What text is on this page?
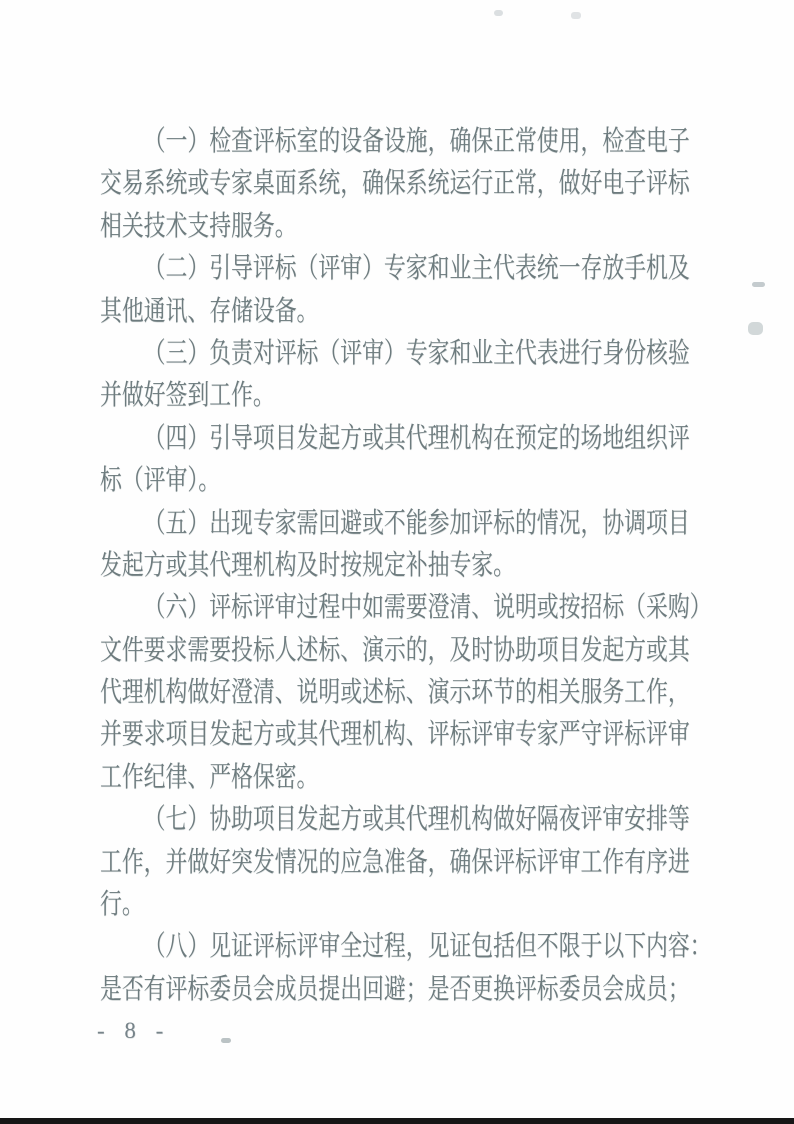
（一）检查评标室的设备设施，确保正常使用，检查电子
交易系统或专家桌面系统，确保系统运行正常，做好电子评标
相关技术支持服务。
（二）引导评标（评审）专家和业主代表统一存放手机及
其他通讯、存储设备。
（三）负责对评标（评审）专家和业主代表进行身份核验
并做好签到工作。
（四）引导项目发起方或其代理机构在预定的场地组织评
标（评审）。
（五）出现专家需回避或不能参加评标的情况，协调项目
发起方或其代理机构及时按规定补抽专家。
（六）评标评审过程中如需要澄清、说明或按招标（采购）
文件要求需要投标人述标、演示的，及时协助项目发起方或其
代理机构做好澄清、说明或述标、演示环节的相关服务工作，
并要求项目发起方或其代理机构、评标评审专家严守评标评审
工作纪律、严格保密。
（七）协助项目发起方或其代理机构做好隔夜评审安排等
工作，并做好突发情况的应急准备，确保评标评审工作有序进
行。
（八）见证评标评审全过程，见证包括但不限于以下内容：
是否有评标委员会成员提出回避；是否更换评标委员会成员；
- 8 -
